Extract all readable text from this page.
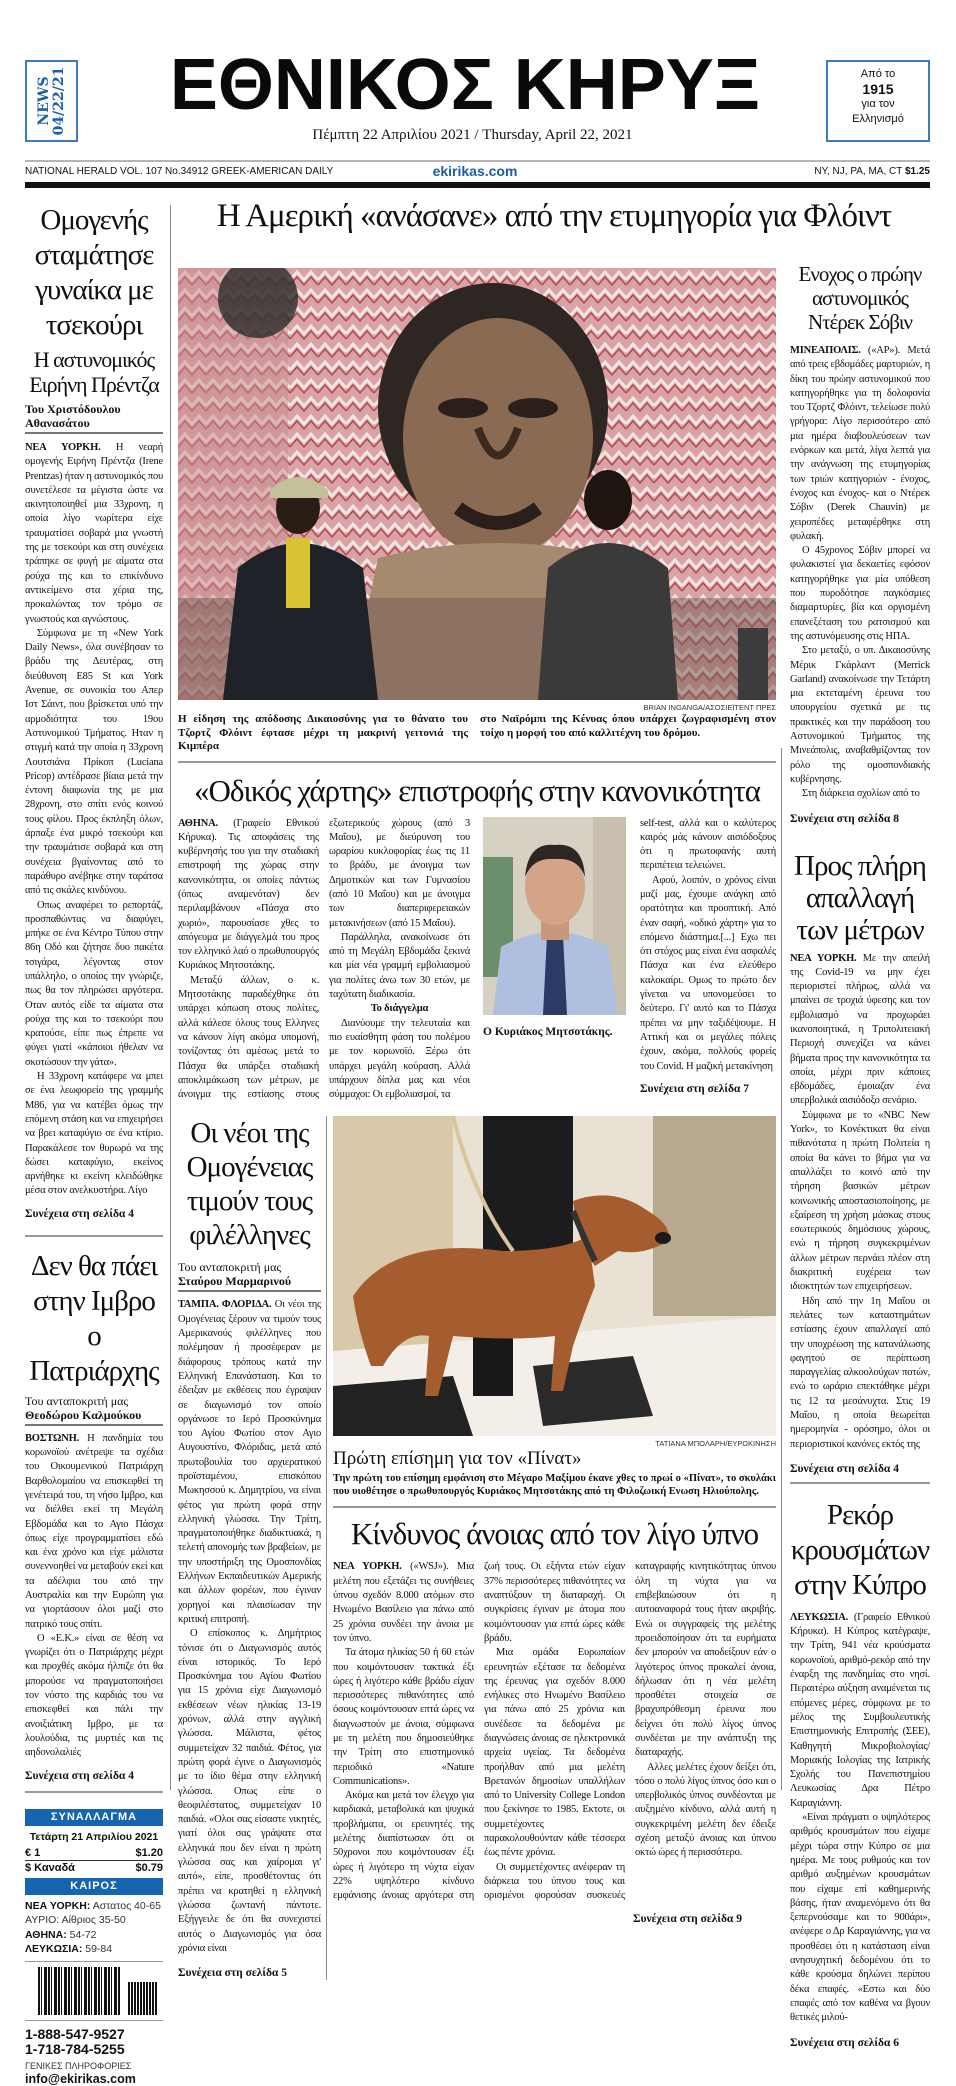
NEWS 04/22/21	ΕΘΝΙΚΟΣ ΚΗΡΥΞ
Πέμπτη 22 Απριλίου 2021 / Thursday, April 22, 2021
Από το
1915
για τον
Ελληνισμό
NATIONAL HERALD VOL. 107 No.34912 GREEK-AMERICAN DAILY	ekirikas.com	NY, NJ, PA, MA, CT $1.25
Η Αμερική «ανάσανε» από την ετυμηγορία για Φλόιντ
Ομογενής σταμάτησε γυναίκα με τσεκούρι
Η αστυνομικός Ειρήνη Πρέντζα
Του Χριστόδουλου Αθανασάτου

ΝΕΑ ΥΟΡΚΗ. Η νεαρή ομογενής Ειρήνη Πρέντζα (Irene Prentzas) ήταν η αστυνομικός που συνετέλεσε τα μέγιστα ώστε να ακινητοποιηθεί μια 33χρονη, η οποία λίγο νωρίτερα είχε τραυματίσει σοβαρά μια γνωστή της με τσεκούρι και στη συνέχεια τράπηκε σε φυγή με αίματα στα ρούχα της και το επικίνδυνο αντικείμενο στα χέρια της, προκαλώντας τον τρόμο σε γνωστούς και αγνώστους.

Σύμφωνα με τη «New York Daily News», όλα συνέβησαν το βράδυ της Δευτέρας, στη διεύθυνση E85 St και York Avenue, σε συνοικία του Απερ Ιστ Σάιντ, που βρίσκεται υπό την αρμοδιότητα του 19ου Αστυνομικού Τμήματος. Ηταν η στιγμή κατά την οποία η 33χρονη Λουτσιάνα Πρίκοπ (Luciana Pricop) αντέδρασε βίαια μετά την έντονη διαφωνία της με μια 28χρονη, στο σπίτι ενός κοινού τους φίλου. Προς έκπληξη όλων, άρπαξε ένα μικρό τσεκούρι και την τραυμάτισε σοβαρά και στη συνέχεια βγαίνοντας από το παράθυρο ανέβηκε στην ταράτσα από τις σκάλες κινδύνου.

Οπως αναφέρει το ρεπορτάζ, προσπαθώντας να διαφύγει, μπήκε σε ένα Κέντρο Τύπου στην 86η Οδό και ζήτησε δυο πακέτα τσιγάρα, λέγοντας στον υπάλληλο, ο οποίος την γνώριζε, πως θα τον πληρώσει αργότερα. Οταν αυτός είδε τα αίματα στα ρούχα της και το τσεκούρι που κρατούσε, είπε πως έπρεπε να φύγει γιατί «κάποιοι ήθελαν να σκοτώσουν την γάτα».

Η 33χρονη κατάφερε να μπει σε ένα λεωφορείο της γραμμής M86, για να κατέβει όμως την επόμενη στάση και να επιχειρήσει να βρει καταφύγιο σε ένα κτίριο. Παρακάλεσε τον θυρωρό να της δώσει καταφύγιο, εκείνος αρνήθηκε κι εκείνη κλειδώθηκε μέσα στον ανελκυστήρα. Λίγο

Συνέχεια στη σελίδα 4
Δεν θα πάει στην Ιμβρο ο Πατριάρχης
Του ανταποκριτή μας
Θεοδώρου Καλμούκου

ΒΟΣΤΩΝΗ. Η πανδημία του κορωνοϊού ανέτρεψε τα σχέδια του Οικουμενικού Πατριάρχη Βαρθολομαίου να επισκεφθεί τη γενέτειρά του, τη νήσο Ιμβρο, και να διέλθει εκεί τη Μεγάλη Εβδομάδα και το Αγιο Πάσχα όπως είχε προγραμματίσει εδώ και ένα χρόνο και είχε μάλιστα συνεννοηθεί να μεταβούν εκεί και τα αδέλφια του από την Αυστραλία και την Ευρώπη για να γιορτάσουν όλοι μαζί στο πατρικό τους σπίτι.

Ο «Ε.Κ.» είναι σε θέση να γνωρίζει ότι ο Πατριάρχης μέχρι και προχθές ακόμα ήλπιζε ότι θα μπορούσε να πραγματοποιήσει τον νόστο της καρδιάς του να επισκεφθεί και πάλι την ανοιξιάτικη Ιμβρο, με τα λουλούδια, τις μυρτιές και τις αηδονολαλιές

Συνέχεια στη σελίδα 4
ΣΥΝΑΛΛΑΓΜΑ
Τετάρτη 21 Απριλίου 2021
€ 1	$1.20
$ Καναδά	$0.79
ΚΑΙΡΟΣ
ΝΕΑ ΥΟΡΚΗ: Αστατος 40-65
ΑΥΡΙΟ: Αίθριος 35-50
ΑΘΗΝΑ: 54-72
ΛΕΥΚΩΣΙΑ: 59-84
1-888-547-9527
1-718-784-5255
ΓΕΝΙΚΕΣ ΠΛΗΡΟΦΟΡΙΕΣ
info@ekirikas.com
BRIAN INGANGA/ΑΣΟΣΙΕΪΤΕΝΤ ΠΡΕΣ
Η είδηση της απόδοσης Δικαιοσύνης για το θάνατο του Τζορτζ Φλόιντ έφτασε μέχρι τη μακρινή γειτονιά της Κιμπέρα
στο Ναϊρόμπι της Κένυας όπου υπάρχει ζωγραφισμένη στον τοίχο η μορφή του από καλλιτέχνη του δρόμου.
«Οδικός χάρτης» επιστροφής στην κανονικότητα

ΑΘΗΝΑ. (Γραφείο Εθνικού Κήρυκα). Τις αποφάσεις της κυβέρνησής του για την σταδιακή επιστροφή της χώρας στην κανονικότητα, οι οποίες πάντως (όπως αναμενόταν) δεν περιλαμβάνουν «Πάσχα στο χωριό», παρουσίασε χθες το απόγευμα με διάγγελμά του προς τον ελληνικό λαό ο πρωθυπουργός Κυριάκος Μητσοτάκης.

Μεταξύ άλλων, ο κ. Μητσοτάκης παραδέχθηκε ότι υπάρχει κόπωση στους πολίτες, αλλά κάλεσε όλους τους Ελληνες να κάνουν λίγη ακόμα υπομονή, τονίζοντας ότι αμέσως μετά το Πάσχα θα υπάρξει σταδιακή αποκλιμάκωση των μέτρων, με άνοιγμα της εστίασης στους εξωτερικούς χώρους (από 3 Μαΐου), με διεύρυνση του ωραρίου κυκλοφορίας έως τις 11 το βράδυ, με άνοιγμα των Δημοτικών και των Γυμνασίου (από 10 Μαΐου) και με άνοιγμα των διαπεριφερειακών μετακινήσεων (από 15 Μαΐου).

Παράλληλα, ανακοίνωσε ότι από τη Μεγάλη Εβδομάδα ξεκινά και μία νέα γραμμή εμβολιασμού για πολίτες άνω των 30 ετών, με ταχύτατη διαδικασία.

Το διάγγελμα

Διανύουμε την τελευταία και πιο ευαίσθητη φάση του πολέμου με τον κορωνοϊό. Ξέρω ότι υπάρχει μεγάλη κούραση. Αλλά υπάρχουν δίπλα μας και νέοι σύμμαχοι: Οι εμβολιασμοί, τα

Ο Κυριάκος Μητσοτάκης.

self-test, αλλά και ο καλύτερος καιρός μάς κάνουν αισιόδοξους ότι η πρωτοφανής αυτή περιπέτεια τελειώνει.

Αφού, λοιπόν, ο χρόνος είναι μαζί μας, έχουμε ανάγκη από ορατότητα και προοπτική. Από έναν σαφή, «οδικό χάρτη» για το επόμενο διάστημα.[...] Εχω πει ότι στόχος μας είναι ένα ασφαλές Πάσχα και ένα ελεύθερο καλοκαίρι. Ομως το πρώτο δεν γίνεται να υπονομεύσει το δεύτερο. Γι' αυτό και το Πάσχα πρέπει να μην ταξιδέψουμε. Η Αττική και οι μεγάλες πόλεις έχουν, ακόμα, πολλούς φορείς του Covid. Η μαζική μετακίνηση

Συνέχεια στη σελίδα 7
Οι νέοι της Ομογένειας τιμούν τους φιλέλληνες
Του ανταποκριτή μας
Σταύρου Μαρμαρινού

ΤΑΜΠΑ. ΦΛΟΡΙΔΑ. Οι νέοι της Ομογένειας ξέρουν να τιμούν τους Αμερικανούς φιλέλληνες που πολέμησαν ή προσέφεραν με διάφορους τρόπους κατά την Ελληνική Επανάσταση. Και το έδειξαν με εκθέσεις που έγραψαν σε διαγωνισμό τον οποίο οργάνωσε το Ιερό Προσκύνημα του Αγίου Φωτίου στον Αγιο Αυγουστίνο, Φλόριδας, μετά από πρωτοβουλία του αρχιερατικού προϊσταμένου, επισκόπου Μωκησσού κ. Δημητρίου, να είναι φέτος για πρώτη φορά στην ελληνική γλώσσα. Την Τρίτη, πραγματοποιήθηκε διαδικτυακά, η τελετή απονομής των βραβείων, με την υποστήριξη της Ομοσπονδίας Ελλήνων Εκπαιδευτικών Αμερικής και άλλων φορέων, που έγιναν χορηγοί και πλαισίωσαν την κριτική επιτροπή.

Ο επίσκοπος κ. Δημήτριος τόνισε ότι ο Διαγωνισμός αυτός είναι ιστορικός. Το Ιερό Προσκύνημα του Αγίου Φωτίου για 15 χρόνια είχε Διαγωνισμό εκθέσεων νέων ηλικίας 13-19 χρόνων, αλλά στην αγγλική γλώσσα. Μάλιστα, φέτος συμμετείχαν 32 παιδιά. Φέτος, για πρώτη φορά έγινε ο Διαγωνισμός με το ίδιο θέμα στην ελληνική γλώσσα. Οπως είπε ο θεοφιλέστατος, συμμετείχαν 10 παιδιά. «Ολοι σας είσαστε νικητές, γιατί όλοι σας γράψατε στα ελληνικά που δεν είναι η πρώτη γλώσσα σας και χαίρομαι γι' αυτό», είπε, προσθέτοντας ότι πρέπει να κρατηθεί η ελληνική γλώσσα ζωντανή πάντοτε. Εξήγγειλε δε ότι θα συνεχιστεί αυτός ο Διαγωνισμός για όσα χρόνια είναι

Συνέχεια στη σελίδα 5
ΤΑΤΙΑΝΑ ΜΠΟΛΑΡΗ/ΕΥΡΩΚΙΝΗΣΗ
Πρώτη επίσημη για τον «Πίνατ»
Την πρώτη του επίσημη εμφάνιση στο Μέγαρο Μαξίμου έκανε χθες το πρωί ο «Πίνατ», το σκυλάκι που υιοθέτησε ο πρωθυπουργός Κυριάκος Μητσοτάκης από τη Φιλοζωική Ενωση Ηλιούπολης.
Κίνδυνος άνοιας από τον λίγο ύπνο

ΝΕΑ ΥΟΡΚΗ. («WSJ»). Μια μελέτη που εξετάζει τις συνήθειες ύπνου σχεδόν 8.000 ατόμων στο Ηνωμένο Βασίλειο για πάνω από 25 χρόνια συνδέει την άνοια με τον ύπνο.

Τα άτομα ηλικίας 50 ή 60 ετών που κοιμόντουσαν τακτικά έξι ώρες ή λιγότερο κάθε βράδυ είχαν περισσότερες πιθανότητες από όσους κοιμόντουσαν επτά ώρες να διαγνωστούν με άνοια, σύμφωνα με τη μελέτη που δημοσιεύθηκε την Τρίτη στο επιστημονικό περιοδικό «Nature Communications».

Ακόμα και μετά τον έλεγχο για καρδιακά, μεταβολικά και ψυχικά προβλήματα, οι ερευνητές της μελέτης διαπίστωσαν ότι οι 50χρονοι που κοιμόντουσαν έξι ώρες ή λιγότερο τη νύχτα είχαν 22% υψηλότερο κίνδυνο εμφάνισης άνοιας αργότερα στη ζωή τους. Οι εξήντα ετών είχαν 37% περισσότερες πιθανότητες να αναπτύξουν τη διαταραχή. Οι συγκρίσεις έγιναν με άτομα που κοιμόντουσαν για επτά ώρες κάθε βράδυ.

Μια ομάδα Ευρωπαίων ερευνητών εξέτασε τα δεδομένα της έρευνας για σχεδόν 8.000 ενήλικες στο Ηνωμένο Βασίλειο για πάνω από 25 χρόνια και συνέδεσε τα δεδομένα με διαγνώσεις άνοιας σε ηλεκτρονικά αρχεία υγείας. Τα δεδομένα προήλθαν από μια μελέτη Βρετανών δημοσίων υπαλλήλων από το University College London που ξεκίνησε το 1985. Εκτοτε, οι συμμετέχοντες παρακολουθούνταν κάθε τέσσερα έως πέντε χρόνια.

Οι συμμετέχοντες ανέφεραν τη διάρκεια του ύπνου τους και ορισμένοι φορούσαν συσκευές καταγραφής κινητικότητας ύπνου όλη τη νύχτα για να επιβεβαιώσουν ότι η αυτοαναφορά τους ήταν ακριβής. Ενώ οι συγγραφείς της μελέτης προειδοποίησαν ότι τα ευρήματα δεν μπορούν να αποδείξουν εάν ο λιγότερος ύπνος προκαλεί άνοια, δήλωσαν ότι η νέα μελέτη προσθέτει στοιχεία σε βραχυπρόθεσμη έρευνα που δείχνει ότι πολύ λίγος ύπνος συνδέεται με την ανάπτυξη της διαταραχής.

Αλλες μελέτες έχουν δείξει ότι, τόσο ο πολύ λίγος ύπνος όσο και ο υπερβολικός ύπνος συνδέονται με αυξημένο κίνδυνο, αλλά αυτή η συγκεκριμένη μελέτη δεν έδειξε σχέση μεταξύ άνοιας και ύπνου οκτώ ώρες ή περισσότερο.

Συνέχεια στη σελίδα 9
Ενοχος ο πρώην αστυνομικός Ντέρεκ Σόβιν

ΜΙΝΕΑΠΟΛΙΣ. («AP»). Μετά από τρεις εβδομάδες μαρτυριών, η δίκη του πρώην αστυνομικού που κατηγορήθηκε για τη δολοφονία του Τζορτζ Φλόιντ, τελείωσε πολύ γρήγορα: Λίγο περισσότερο από μια ημέρα διαβουλεύσεων των ενόρκων και μετά, λίγα λεπτά για την ανάγνωση της ετυμηγορίας των τριών κατηγοριών - ένοχος, ένοχος και ένοχος- και ο Ντέρεκ Σόβιν (Derek Chauvin) με χειροπέδες μεταφέρθηκε στη φυλακή.

Ο 45χρονος Σόβιν μπορεί να φυλακιστεί για δεκαετίες εφόσον κατηγορήθηκε για μία υπόθεση που πυροδότησε παγκόσμιες διαμαρτυρίες, βία και οργισμένη επανεξέταση του ρατσισμού και της αστυνόμευσης στις ΗΠΑ.

Στο μεταξύ, ο υπ. Δικαιοσύνης Μέρικ Γκάρλαντ (Merrick Garland) ανακοίνωσε την Τετάρτη μια εκτεταμένη έρευνα του υπουργείου σχετικά με τις πρακτικές και την παράδοση του Αστυνομικού Τμήματος της Μινεάπολις, αναβαθμίζοντας τον ρόλο της ομοσπονδιακής κυβέρνησης.

Στη διάρκεια σχολίων από το

Συνέχεια στη σελίδα 8
Προς πλήρη απαλλαγή των μέτρων

ΝΕΑ ΥΟΡΚΗ. Με την απειλή της Covid-19 να μην έχει περιοριστεί πλήρως, αλλά να μπαίνει σε τροχιά ύφεσης και τον εμβολιασμό να προχωράει ικανοποιητικά, η Τριπολιτειακή Περιοχή συνεχίζει να κάνει βήματα προς την κανονικότητα τα οποία, μέχρι πριν κάποιες εβδομάδες, έμοιαζαν ένα υπερβολικά αισιόδοξο σενάριο.

Σύμφωνα με το «NBC New York», το Κονέκτικατ θα είναι πιθανότατα η πρώτη Πολιτεία η οποία θα κάνει το βήμα για να απαλλάξει το κοινό από την τήρηση βασικών μέτρων κοινωνικής αποστασιοποίησης, με εξαίρεση τη χρήση μάσκας στους εσωτερικούς δημόσιους χώρους, ενώ η τήρηση συγκεκριμένων άλλων μέτρων περνάει πλέον στη διακριτική ευχέρεια των ιδιοκτητών των επιχειρήσεων.

Ηδη από την 1η Μαΐου οι πελάτες των καταστημάτων εστίασης έχουν απαλλαγεί από την υποχρέωση της κατανάλωσης φαγητού σε περίπτωση παραγγελίας αλκοολούχων ποτών, ενώ το ωράριο επεκτάθηκε μέχρι τις 12 τα μεσάνυχτα. Στις 19 Μαΐου, η οποία θεωρείται ημερομηνία - ορόσημο, όλοι οι περιοριστικοί κανόνες εκτός της

Συνέχεια στη σελίδα 4
Ρεκόρ κρουσμάτων στην Κύπρο

ΛΕΥΚΩΣΙΑ. (Γραφείο Εθνικού Κήρυκα). Η Κύπρος κατέγραψε, την Τρίτη, 941 νέα κρούσματα κορωνοϊού, αριθμό-ρεκόρ από την έναρξη της πανδημίας στο νησί. Περαιτέρω αύξηση αναμένεται τις επόμενες μέρες, σύμφωνα με το μέλος της Συμβουλευτικής Επιστημονικής Επιτροπής (ΣΕΕ), Καθηγητή Μικροβιολογίας/Μοριακής Ιολογίας της Ιατρικής Σχολής του Πανεπιστημίου Λευκωσίας Δρα Πέτρο Καραγιάννη.

«Είναι πράγματι ο υψηλότερος αριθμός κρουσμάτων που είχαμε μέχρι τώρα στην Κύπρο σε μια ημέρα. Με τους ρυθμούς και τον αριθμό αυξημένων κρουσμάτων που είχαμε επί καθημερινής βάσης, ήταν αναμενόμενο ότι θα ξεπερνούσαμε και το 900άρι», ανέφερε ο Δρ Καραγιάννης, για να προσθέσει ότι η κατάσταση είναι ανησυχητική δεδομένου ότι το κάθε κρούσμα δηλώνει περίπου δέκα επαφές. «Εστω και δύο επαφές από τον καθένα να βγουν θετικές μιλού-

Συνέχεια στη σελίδα 6
